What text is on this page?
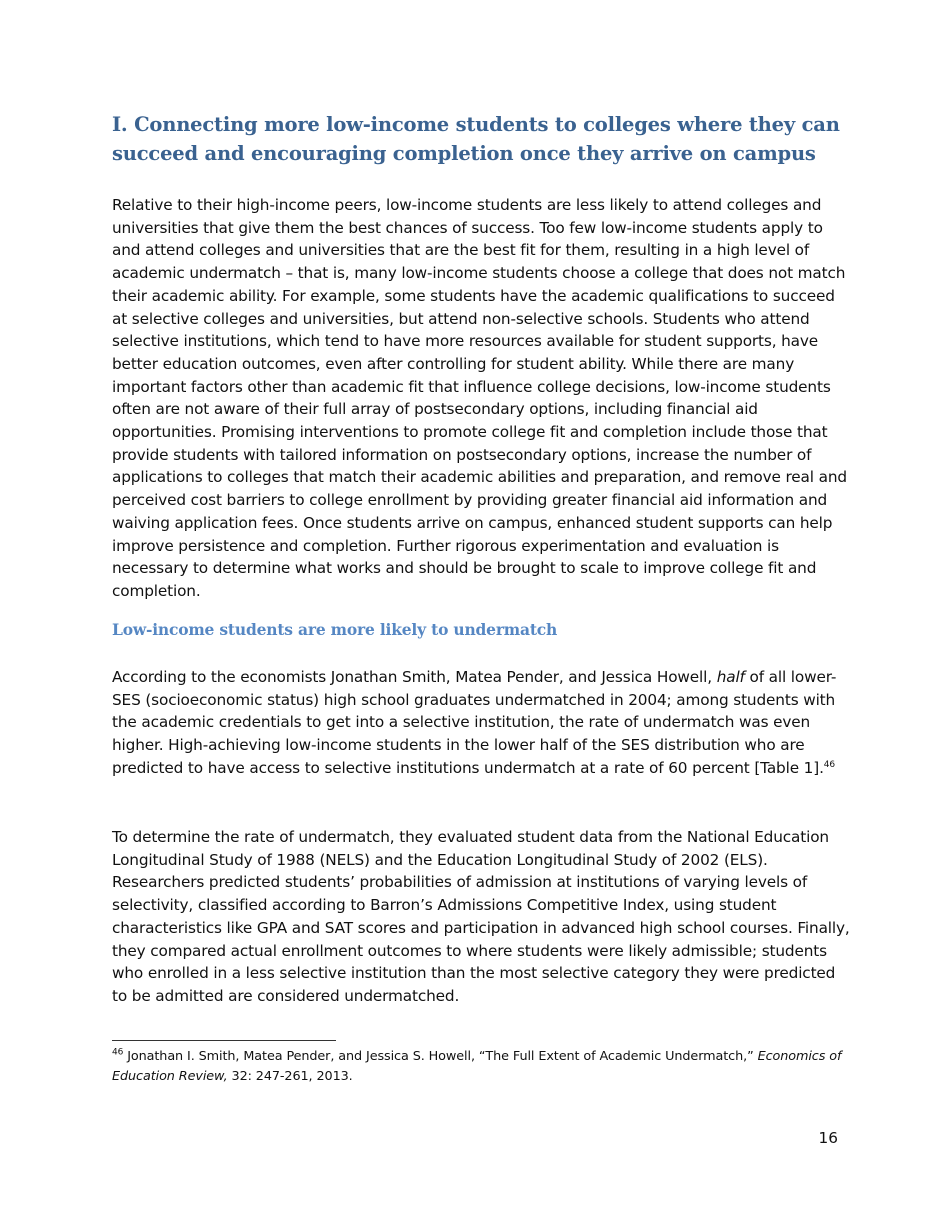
I. Connecting more low-income students to colleges where they can succeed and encouraging completion once they arrive on campus
Relative to their high-income peers, low-income students are less likely to attend colleges and universities that give them the best chances of success. Too few low-income students apply to and attend colleges and universities that are the best fit for them, resulting in a high level of academic undermatch – that is, many low-income students choose a college that does not match their academic ability. For example, some students have the academic qualifications to succeed at selective colleges and universities, but attend non-selective schools. Students who attend selective institutions, which tend to have more resources available for student supports, have better education outcomes, even after controlling for student ability. While there are many important factors other than academic fit that influence college decisions, low-income students often are not aware of their full array of postsecondary options, including financial aid opportunities. Promising interventions to promote college fit and completion include those that provide students with tailored information on postsecondary options, increase the number of applications to colleges that match their academic abilities and preparation, and remove real and perceived cost barriers to college enrollment by providing greater financial aid information and waiving application fees. Once students arrive on campus, enhanced student supports can help improve persistence and completion. Further rigorous experimentation and evaluation is necessary to determine what works and should be brought to scale to improve college fit and completion.
Low-income students are more likely to undermatch
According to the economists Jonathan Smith, Matea Pender, and Jessica Howell, half of all lower-SES (socioeconomic status) high school graduates undermatched in 2004; among students with the academic credentials to get into a selective institution, the rate of undermatch was even higher. High-achieving low-income students in the lower half of the SES distribution who are predicted to have access to selective institutions undermatch at a rate of 60 percent [Table 1].$^{46}$
To determine the rate of undermatch, they evaluated student data from the National Education Longitudinal Study of 1988 (NELS) and the Education Longitudinal Study of 2002 (ELS). Researchers predicted students’ probabilities of admission at institutions of varying levels of selectivity, classified according to Barron’s Admissions Competitive Index, using student characteristics like GPA and SAT scores and participation in advanced high school courses. Finally, they compared actual enrollment outcomes to where students were likely admissible; students who enrolled in a less selective institution than the most selective category they were predicted to be admitted are considered undermatched.
$^{46}$ Jonathan I. Smith, Matea Pender, and Jessica S. Howell, “The Full Extent of Academic Undermatch,” Economics of Education Review, 32: 247-261, 2013.
16
